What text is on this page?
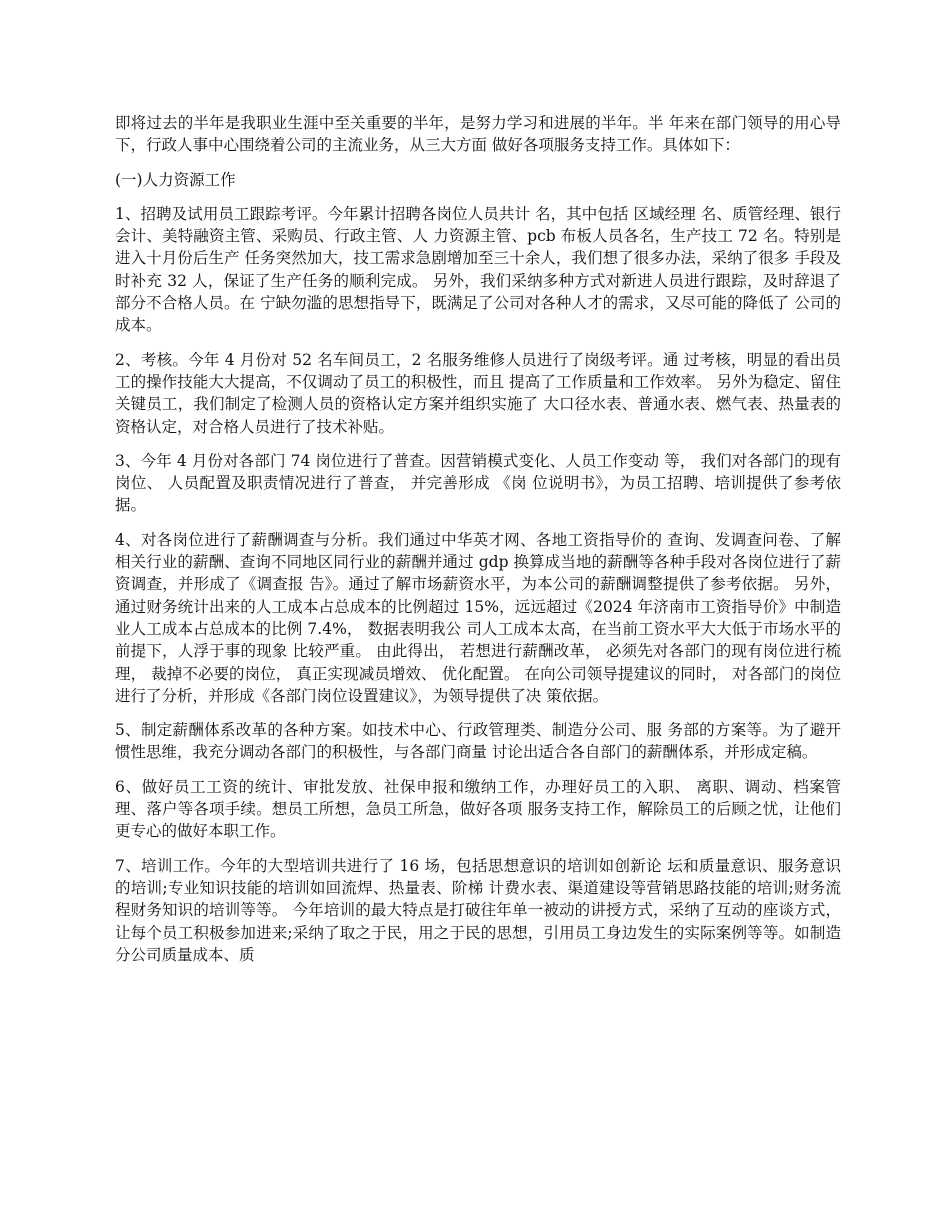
即将过去的半年是我职业生涯中至关重要的半年，是努力学习和进展的半年。半 年来在部门领导的用心导下，行政人事中心围绕着公司的主流业务，从三大方面 做好各项服务支持工作。具体如下：

(一)人力资源工作

1、招聘及试用员工跟踪考评。今年累计招聘各岗位人员共计 名，其中包括 区域经理 名、质管经理、银行会计、美特融资主管、采购员、行政主管、人 力资源主管、pcb 布板人员各名，生产技工 72 名。特别是进入十月份后生产 任务突然加大，技工需求急剧增加至三十余人，我们想了很多办法，采纳了很多 手段及时补充 32 人，保证了生产任务的顺利完成。 另外，我们采纳多种方式对新进人员进行跟踪，及时辞退了部分不合格人员。在 宁缺勿滥的思想指导下，既满足了公司对各种人才的需求，又尽可能的降低了 公司的成本。

2、考核。今年 4 月份对 52 名车间员工，2 名服务维修人员进行了岗级考评。通 过考核，明显的看出员工的操作技能大大提高，不仅调动了员工的积极性，而且 提高了工作质量和工作效率。 另外为稳定、留住关键员工，我们制定了检测人员的资格认定方案并组织实施了 大口径水表、普通水表、燃气表、热量表的资格认定，对合格人员进行了技术补贴。

3、今年 4 月份对各部门 74 岗位进行了普查。因营销模式变化、人员工作变动 等， 我们对各部门的现有岗位、 人员配置及职责情况进行了普查， 并完善形成 《岗 位说明书》，为员工招聘、培训提供了参考依据。

4、对各岗位进行了薪酬调查与分析。我们通过中华英才网、各地工资指导价的 查询、发调查问卷、了解相关行业的薪酬、查询不同地区同行业的薪酬并通过 gdp 换算成当地的薪酬等各种手段对各岗位进行了薪资调查，并形成了《调查报 告》。通过了解市场薪资水平，为本公司的薪酬调整提供了参考依据。 另外，通过财务统计出来的人工成本占总成本的比例超过 15%，远远超过《2024 年济南市工资指导价》中制造业人工成本占总成本的比例 7.4%， 数据表明我公 司人工成本太高，在当前工资水平大大低于市场水平的前提下，人浮于事的现象 比较严重。 由此得出， 若想进行薪酬改革， 必须先对各部门的现有岗位进行梳理， 裁掉不必要的岗位， 真正实现减员增效、 优化配置。 在向公司领导提建议的同时， 对各部门的岗位进行了分析，并形成《各部门岗位设置建议》，为领导提供了决 策依据。

5、制定薪酬体系改革的各种方案。如技术中心、行政管理类、制造分公司、服 务部的方案等。为了避开惯性思维，我充分调动各部门的积极性，与各部门商量 讨论出适合各自部门的薪酬体系，并形成定稿。

6、做好员工工资的统计、审批发放、社保申报和缴纳工作，办理好员工的入职、 离职、调动、档案管理、落户等各项手续。想员工所想，急员工所急，做好各项 服务支持工作，解除员工的后顾之忧，让他们更专心的做好本职工作。

7、培训工作。今年的大型培训共进行了 16 场，包括思想意识的培训如创新论 坛和质量意识、服务意识的培训;专业知识技能的培训如回流焊、热量表、阶梯 计费水表、渠道建设等营销思路技能的培训;财务流程财务知识的培训等等。 今年培训的最大特点是打破往年单一被动的讲授方式，采纳了互动的座谈方式， 让每个员工积极参加进来;采纳了取之于民，用之于民的思想，引用员工身边发生的实际案例等等。如制造分公司质量成本、质
